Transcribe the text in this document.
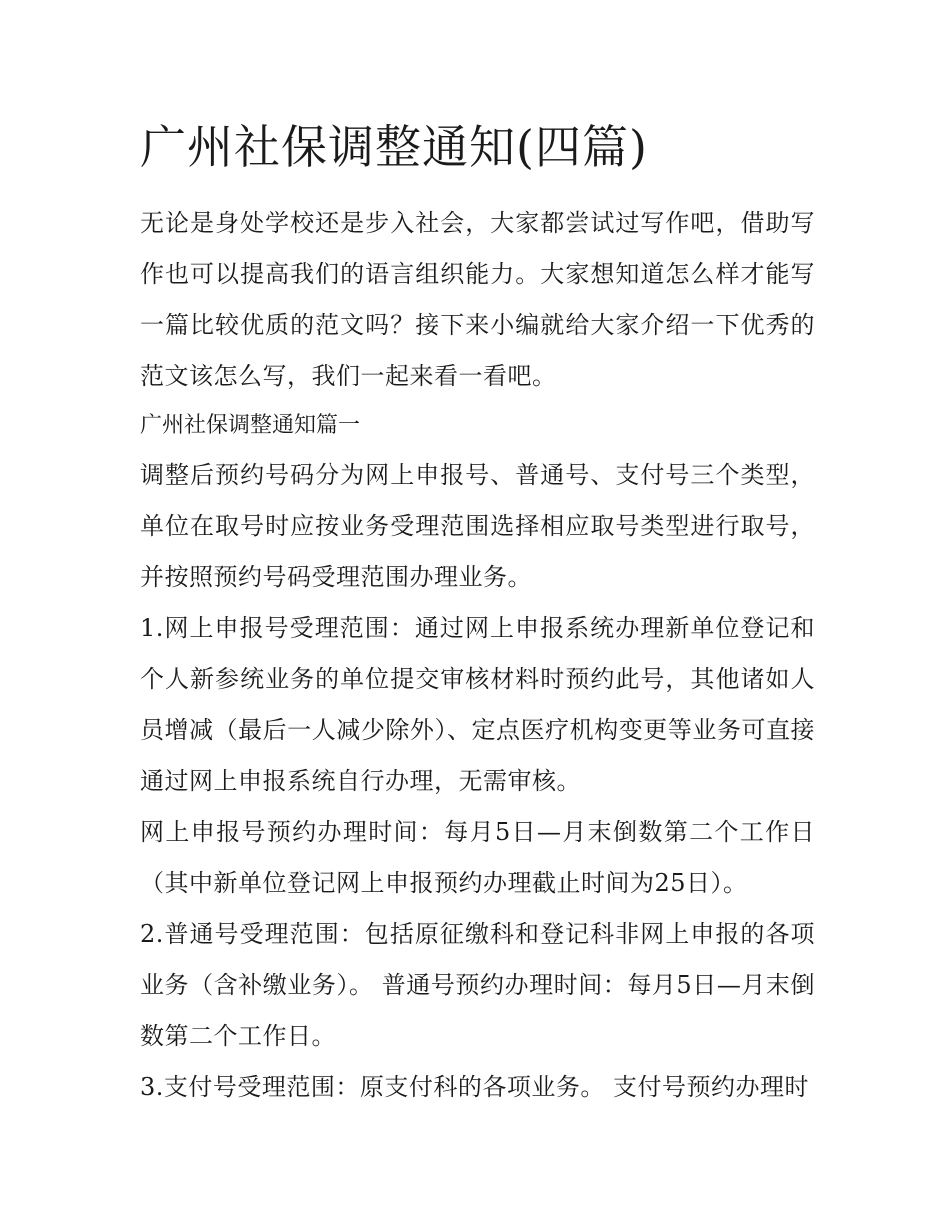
广州社保调整通知(四篇)

无论是身处学校还是步入社会，大家都尝试过写作吧，借助写作也可以提高我们的语言组织能力。大家想知道怎么样才能写一篇比较优质的范文吗？接下来小编就给大家介绍一下优秀的范文该怎么写，我们一起来看一看吧。

广州社保调整通知篇一

调整后预约号码分为网上申报号、普通号、支付号三个类型，单位在取号时应按业务受理范围选择相应取号类型进行取号，并按照预约号码受理范围办理业务。

1.网上申报号受理范围：通过网上申报系统办理新单位登记和个人新参统业务的单位提交审核材料时预约此号，其他诸如人员增减（最后一人减少除外）、定点医疗机构变更等业务可直接通过网上申报系统自行办理，无需审核。

网上申报号预约办理时间：每月5日—月末倒数第二个工作日（其中新单位登记网上申报预约办理截止时间为25日）。

2.普通号受理范围：包括原征缴科和登记科非网上申报的各项业务（含补缴业务）。 普通号预约办理时间：每月5日—月末倒数第二个工作日。

3.支付号受理范围：原支付科的各项业务。 支付号预约办理时
